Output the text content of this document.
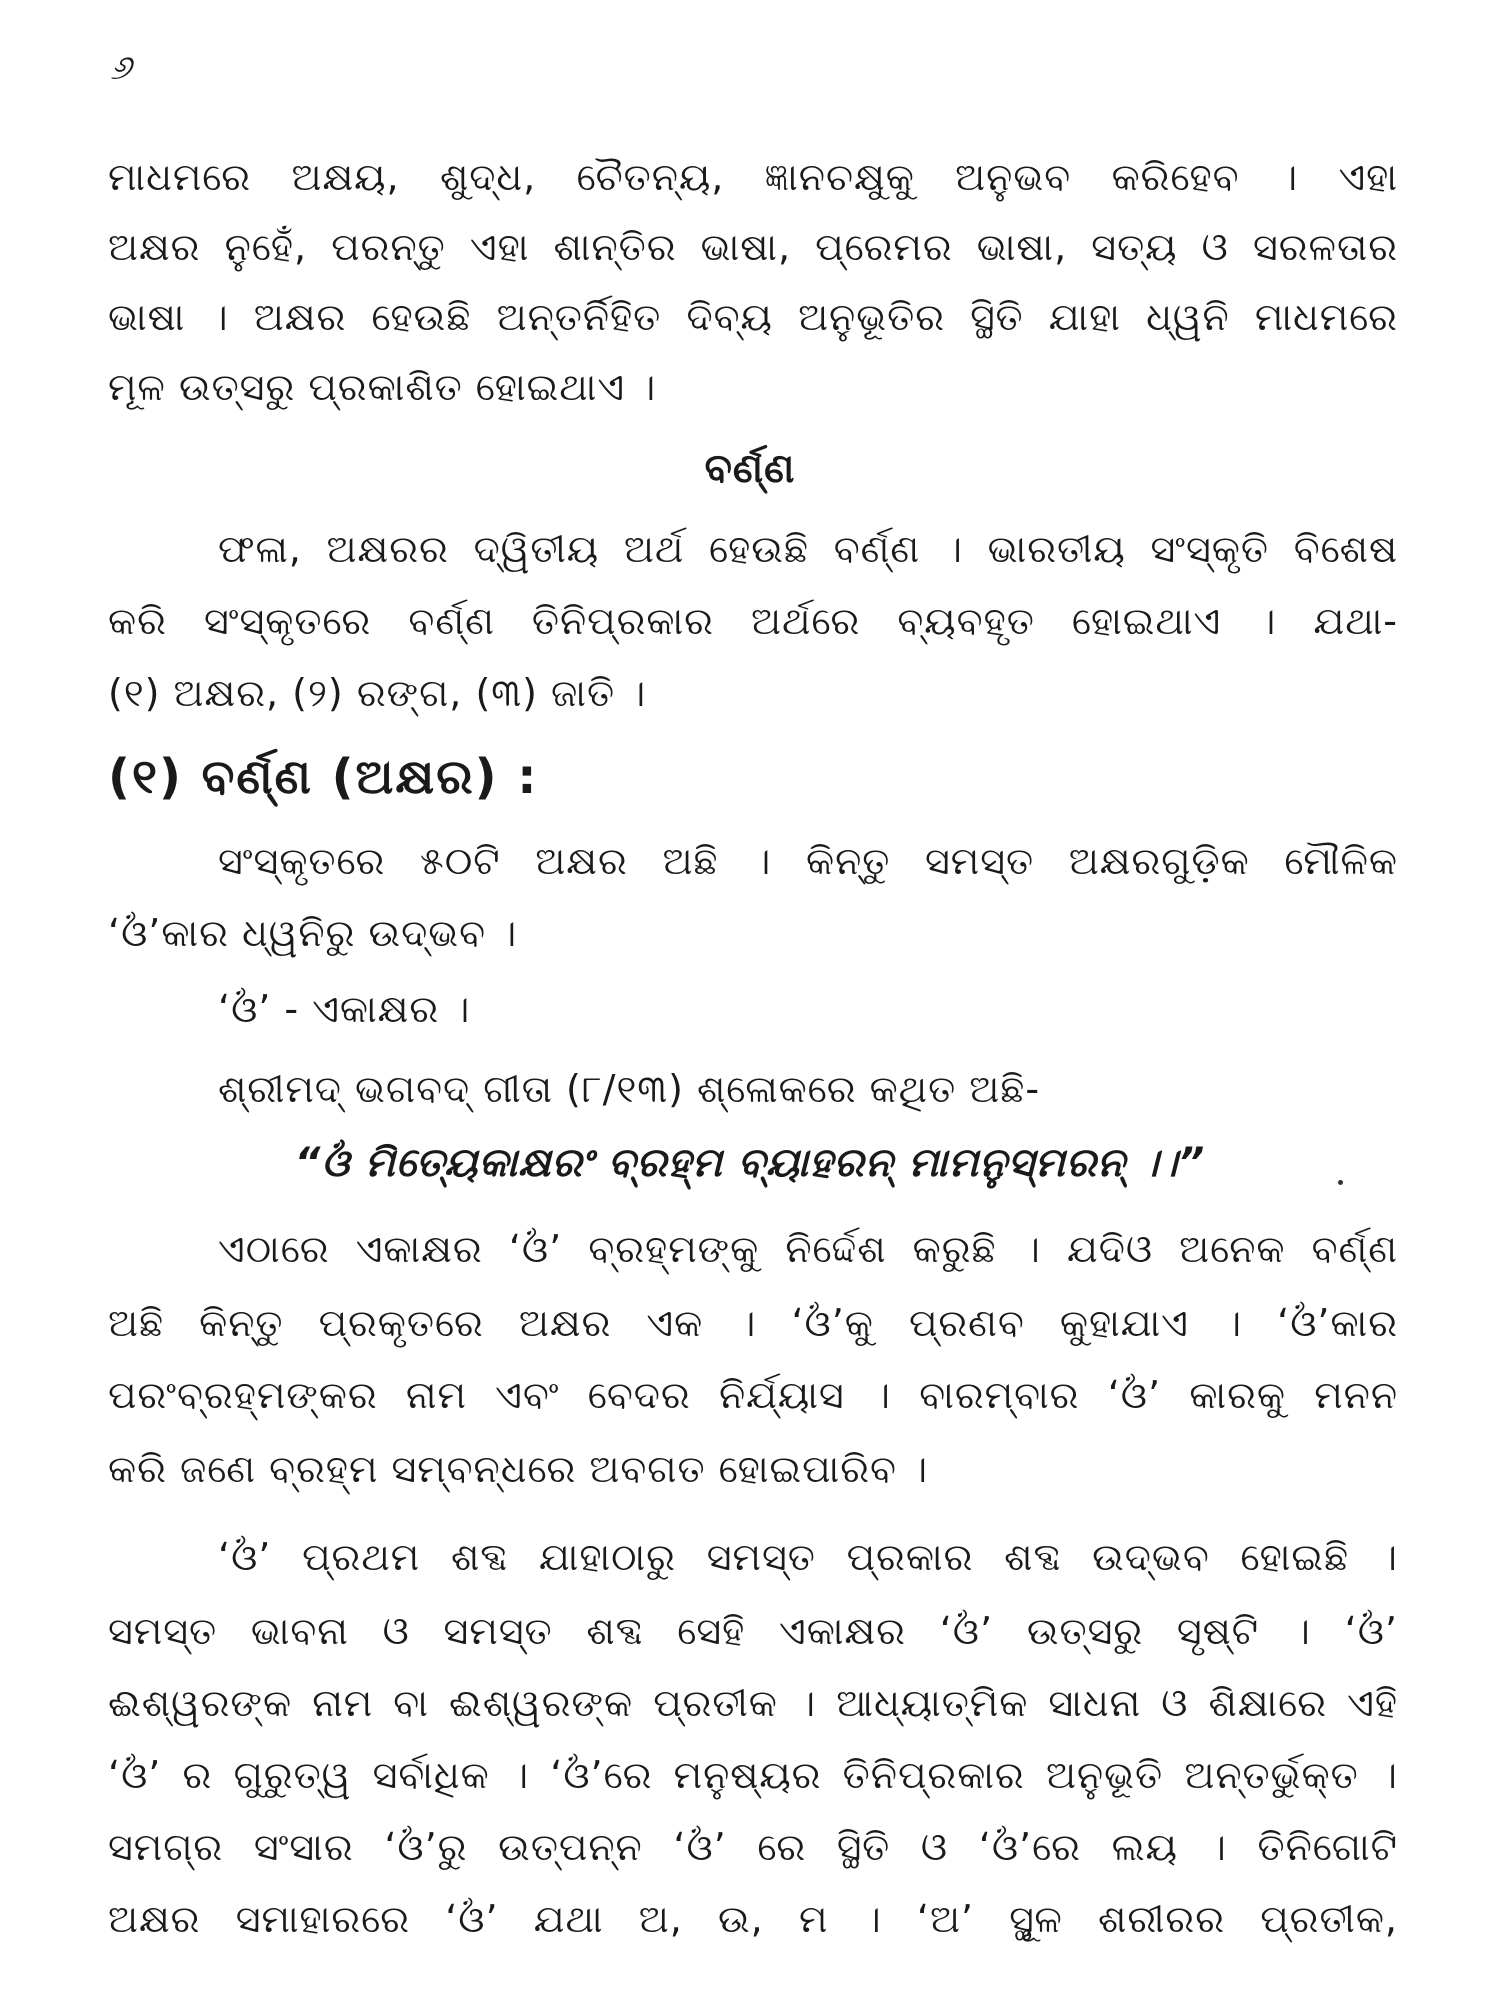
୬
ମାଧମରେ ଅକ୍ଷୟ, ଶୁଦ୍ଧ, ଚୈତନ୍ୟ, ଜ୍ଞାନଚକ୍ଷୁକୁ ଅନୁଭବ କରିହେବ । ଏହା
ଅକ୍ଷର ନୁହେଁ, ପରନ୍ତୁ ଏହା ଶାନ୍ତିର ଭାଷା, ପ୍ରେମର ଭାଷା, ସତ୍ୟ ଓ ସରଳତାର
ଭାଷା । ଅକ୍ଷର ହେଉଛି ଅନ୍ତର୍ନିହିତ ଦିବ୍ୟ ଅନୁଭୂତିର ସ୍ଥିତି ଯାହା ଧ୍ୱନି ମାଧମରେ
ମୂଳ ଉତ୍ସରୁ ପ୍ରକାଶିତ ହୋଇଥାଏ ।
ବର୍ଣ୍ଣ
ଫଳା, ଅକ୍ଷରର ଦ୍ୱିତୀୟ ଅର୍ଥ ହେଉଛି ବର୍ଣ୍ଣ । ଭାରତୀୟ ସଂସ୍କୃତି ବିଶେଷ
କରି ସଂସ୍କୃତରେ ବର୍ଣ୍ଣ ତିନିପ୍ରକାର ଅର୍ଥରେ ବ୍ୟବହୃତ ହୋଇଥାଏ । ଯଥା-
(୧) ଅକ୍ଷର, (୨) ରଙ୍ଗ, (୩) ଜାତି ।
(୧) ବର୍ଣ୍ଣ (ଅକ୍ଷର) :
ସଂସ୍କୃତରେ ୫୦ଟି ଅକ୍ଷର ଅଛି । କିନ୍ତୁ ସମସ୍ତ ଅକ୍ଷରଗୁଡ଼ିକ ମୌଳିକ
‘ଓଁ’କାର ଧ୍ୱନିରୁ ଉଦ୍ଭବ ।
‘ଓଁ’ - ଏକାକ୍ଷର ।
ଶ୍ରୀମଦ୍ ଭଗବଦ୍ ଗୀତା (୮/୧୩) ଶ୍ଳୋକରେ କଥିତ ଅଛି-
“ଓଁ ମିତ୍ୟେକାକ୍ଷରଂ ବ୍ରହ୍ମ ବ୍ୟାହରନ୍ ମାମନୁସ୍ମରନ୍ ।।”
ଏଠାରେ ଏକାକ୍ଷର ‘ଓଁ’ ବ୍ରହ୍ମଙ୍କୁ ନିର୍ଦ୍ଦେଶ କରୁଛି । ଯଦିଓ ଅନେକ ବର୍ଣ୍ଣ
ଅଛି କିନ୍ତୁ ପ୍ରକୃତରେ ଅକ୍ଷର ଏକ । ‘ଓଁ’କୁ ପ୍ରଣବ କୁହାଯାଏ । ‘ଓଁ’କାର
ପରଂବ୍ରହ୍ମଙ୍କର ନାମ ଏବଂ ବେଦର ନିର୍ଯ୍ୟାସ । ବାରମ୍ବାର ‘ଓଁ’ କାରକୁ ମନନ
କରି ଜଣେ ବ୍ରହ୍ମ ସମ୍ବନ୍ଧରେ ଅବଗତ ହୋଇପାରିବ ।
‘ଓଁ’ ପ୍ରଥମ ଶବ୍ଦ ଯାହାଠାରୁ ସମସ୍ତ ପ୍ରକାର ଶବ୍ଦ ଉଦ୍ଭବ ହୋଇଛି ।
ସମସ୍ତ ଭାବନା ଓ ସମସ୍ତ ଶବ୍ଦ ସେହି ଏକାକ୍ଷର ‘ଓଁ’ ଉତ୍ସରୁ ସୃଷ୍ଟି । ‘ଓଁ’
ଈଶ୍ୱରଙ୍କ ନାମ ବା ଈଶ୍ୱରଙ୍କ ପ୍ରତୀକ । ଆଧ୍ୟାତ୍ମିକ ସାଧନା ଓ ଶିକ୍ଷାରେ ଏହି
‘ଓଁ’ ର ଗୁରୁତ୍ୱ ସର୍ବାଧିକ । ‘ଓଁ’ରେ ମନୁଷ୍ୟର ତିନିପ୍ରକାର ଅନୁଭୂତି ଅନ୍ତର୍ଭୁକ୍ତ ।
ସମଗ୍ର ସଂସାର ‘ଓଁ’ରୁ ଉତ୍ପନ୍ନ ‘ଓଁ’ ରେ ସ୍ଥିତି ଓ ‘ଓଁ’ରେ ଲୟ । ତିନିଗୋଟି
ଅକ୍ଷର ସମାହାରରେ ‘ଓଁ’ ଯଥା ଅ, ଉ, ମ । ‘ଅ’ ସ୍ଥୂଳ ଶରୀରର ପ୍ରତୀକ,
